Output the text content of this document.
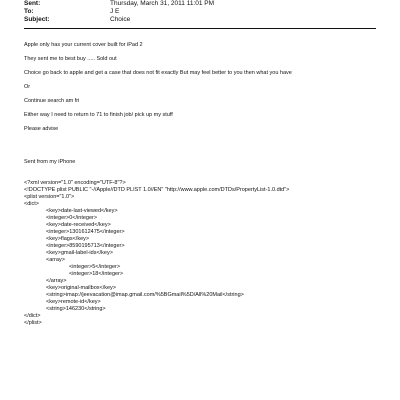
Sent:	Thursday, March 31, 2011 11:01 PM
To:	J E
Subject:	Choice

Apple only has your current cover built for iPad 2

They sent me to best buy ..... Sold out

Choice go back to apple and get a case that does not fit exactly But may feel better to you then what you have

Or

Continue search am fri

Either way I need to return to 71 to finish job/ pick up my stuff

Please advise

Sent from my iPhone

<?xml version="1.0" encoding="UTF-8"?>
<!DOCTYPE plist PUBLIC "-//Apple//DTD PLIST 1.0//EN" "http://www.apple.com/DTDs/PropertyList-1.0.dtd">
<plist version="1.0">
<dict>
<key>date-last-viewed</key>
<integer>0</integer>
<key>date-received</key>
<integer>1301612475</integer>
<key>flags</key>
<integer>8590195713</integer>
<key>gmail-label-ids</key>
<array>
<integer>5</integer>
<integer>18</integer>
</array>
<key>original-mailbox</key>
<string>imap://jeevacation@imap.gmail.com/%5BGmail%5D/All%20Mail</string>
<key>remote-id</key>
<string>146230</string>
</dict>
</plist>
